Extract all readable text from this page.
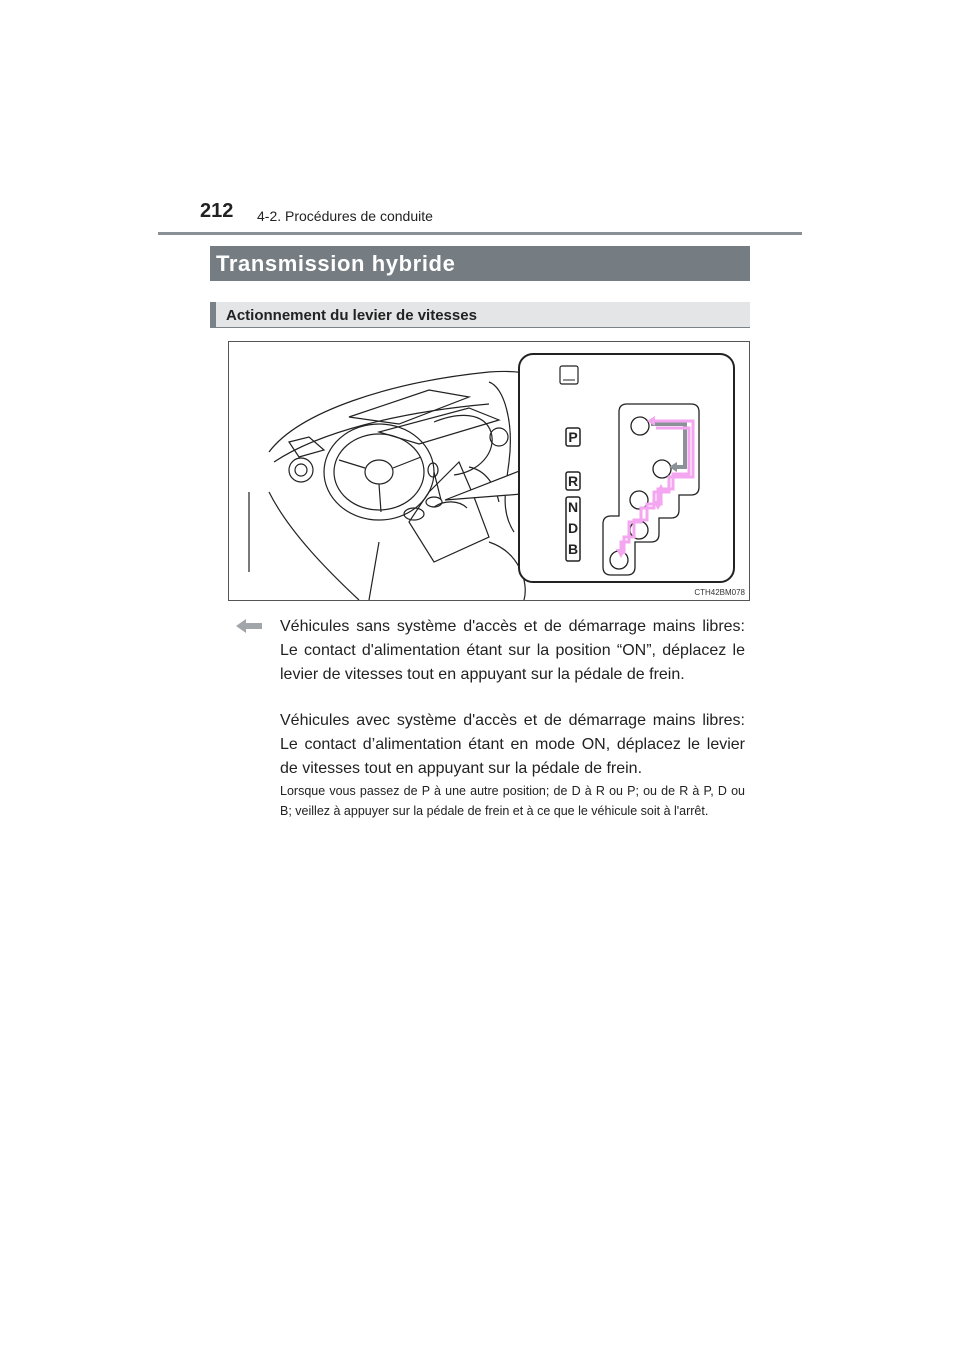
212 4-2. Procédures de conduite
Transmission hybride
Actionnement du levier de vitesses
P
R
N
D
B
CTH42BM078

Véhicules sans système d'accès et de démarrage mains libres: Le contact d'alimentation étant sur la position “ON”, déplacez le levier de vitesses tout en appuyant sur la pédale de frein.

Véhicules avec système d'accès et de démarrage mains libres: Le contact d’alimentation étant en mode ON, déplacez le levier de vitesses tout en appuyant sur la pédale de frein.

Lorsque vous passez de P à une autre position; de D à R ou P; ou de R à P, D ou B; veillez à appuyer sur la pédale de frein et à ce que le véhicule soit à l'arrêt.
